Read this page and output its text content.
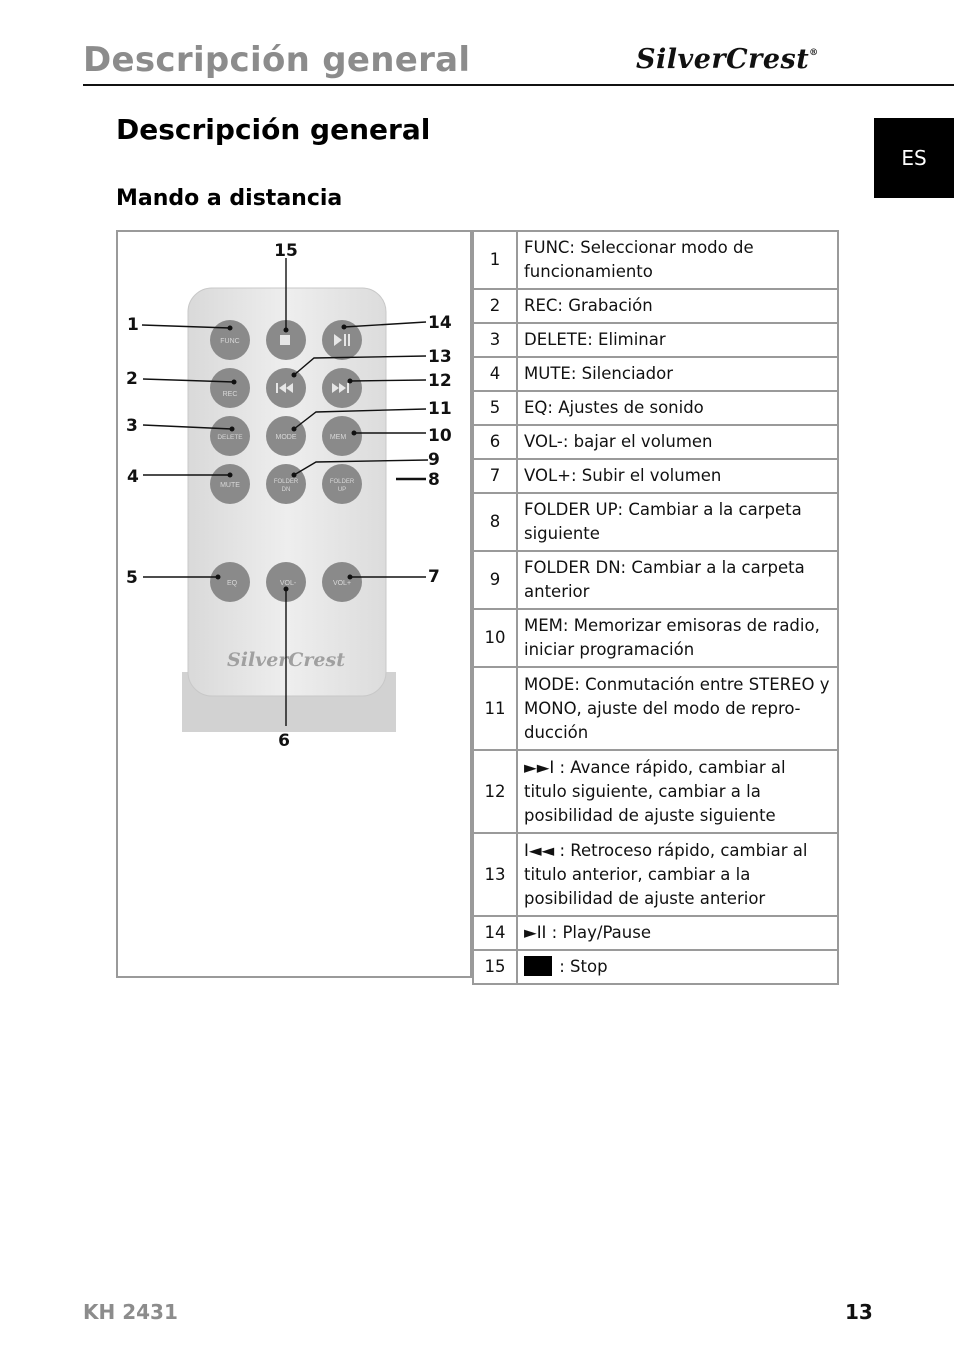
Descripción general	SilverCrest®
ES
Descripción general
Mando a distancia
FUNC
REC
DELETE	MODE	MEM
MUTE	FOLDER
DN
FOLDER
UP
EQ	VOL-	VOL+
SilverCrest
15
1	14
13
2	12
11
3	10
9
4	8
5	7
6
1	FUNC: Seleccionar modo de funcionamiento
2	REC: Grabación
3	DELETE: Eliminar
4	MUTE: Silenciador
5	EQ: Ajustes de sonido
6	VOL-: bajar el volumen
7	VOL+: Subir el volumen
8	FOLDER UP: Cambiar a la carpeta siguiente
9	FOLDER DN: Cambiar a la carpeta anterior
10	MEM: Memorizar emisoras de radio, iniciar programación
11	MODE: Conmutación entre STEREO y MONO, ajuste del modo de reproducción
12	►►I : Avance rápido, cambiar al titulo siguiente, cambiar a la posibilidad de ajuste siguiente
13	I◄◄ : Retroceso rápido, cambiar al titulo anterior, cambiar a la posibilidad de ajuste anterior
14	►II : Play/Pause
15	: Stop
KH 2431	13
